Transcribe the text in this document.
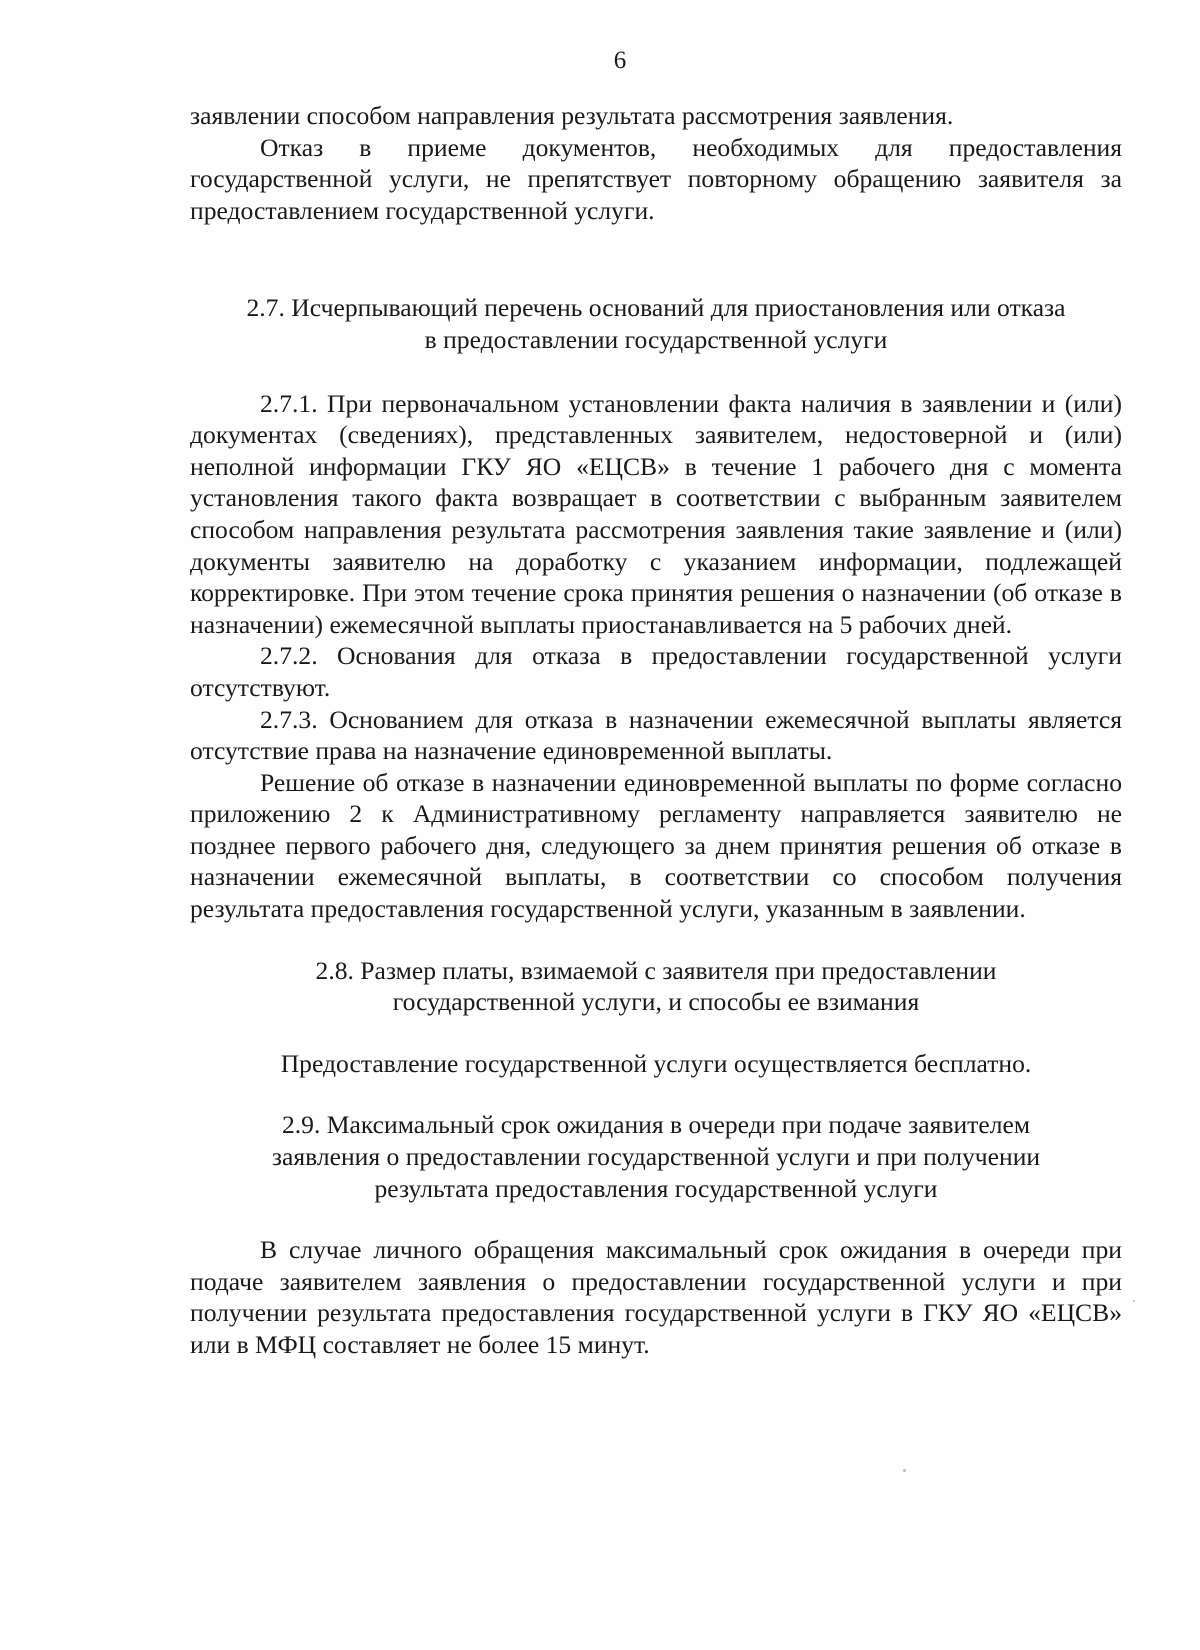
6

заявлении способом направления результата рассмотрения заявления.

Отказ в приеме документов, необходимых для предоставления государственной услуги, не препятствует повторному обращению заявителя за предоставлением государственной услуги.

2.7. Исчерпывающий перечень оснований для приостановления или отказа
в предоставлении государственной услуги

2.7.1. При первоначальном установлении факта наличия в заявлении и (или) документах (сведениях), представленных заявителем, недостоверной и (или) неполной информации ГКУ ЯО «ЕЦСВ» в течение 1 рабочего дня с момента установления такого факта возвращает в соответствии с выбранным заявителем способом направления результата рассмотрения заявления такие заявление и (или) документы заявителю на доработку с указанием информации, подлежащей корректировке. При этом течение срока принятия решения о назначении (об отказе в назначении) ежемесячной выплаты приостанавливается на 5 рабочих дней.

2.7.2. Основания для отказа в предоставлении государственной услуги отсутствуют.

2.7.3. Основанием для отказа в назначении ежемесячной выплаты является отсутствие права на назначение единовременной выплаты.

Решение об отказе в назначении единовременной выплаты по форме согласно приложению 2 к Административному регламенту направляется заявителю не позднее первого рабочего дня, следующего за днем принятия решения об отказе в назначении ежемесячной выплаты, в соответствии со способом получения результата предоставления государственной услуги, указанным в заявлении.

2.8. Размер платы, взимаемой с заявителя при предоставлении
государственной услуги, и способы ее взимания

Предоставление государственной услуги осуществляется бесплатно.

2.9. Максимальный срок ожидания в очереди при подаче заявителем
заявления о предоставлении государственной услуги и при получении
результата предоставления государственной услуги

В случае личного обращения максимальный срок ожидания в очереди при подаче заявителем заявления о предоставлении государственной услуги и при получении результата предоставления государственной услуги в ГКУ ЯО «ЕЦСВ» или в МФЦ составляет не более 15 минут.
